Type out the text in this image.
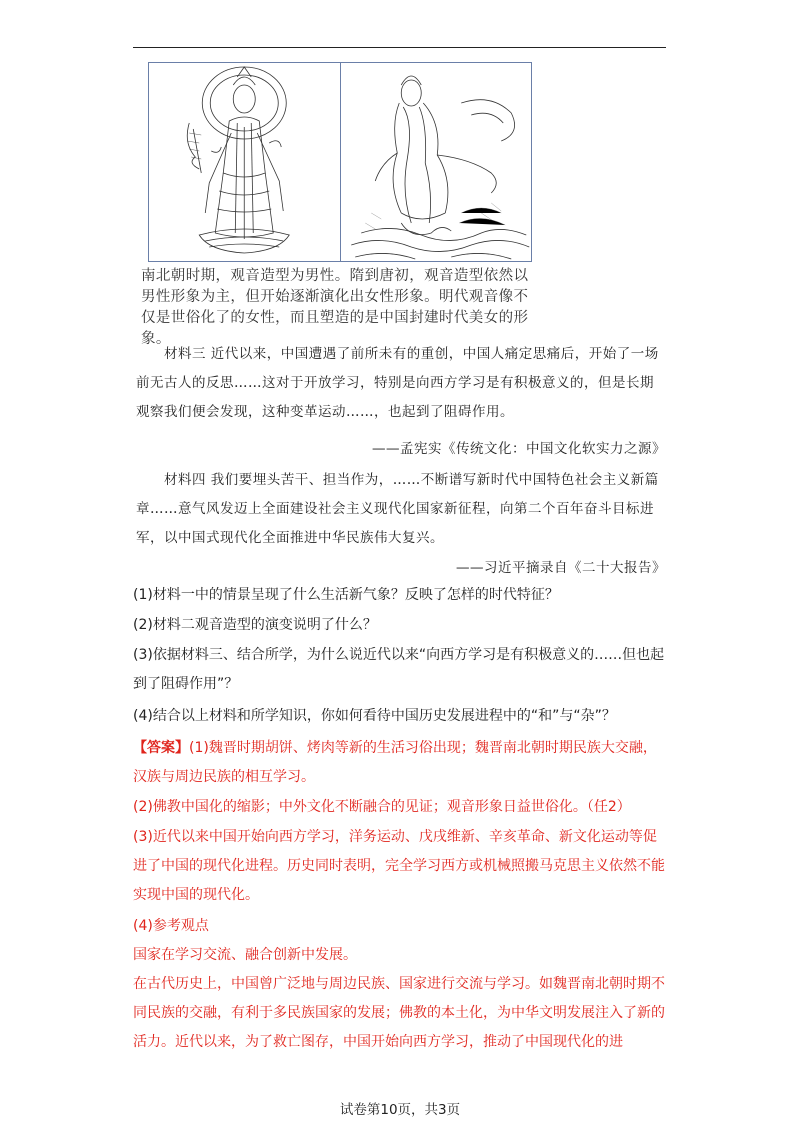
南北朝时期，观音造型为男性。隋到唐初，观音造型依然以男性形象为主，但开始逐渐演化出女性形象。明代观音像不仅是世俗化了的女性，而且塑造的是中国封建时代美女的形象。
材料三 近代以来，中国遭遇了前所未有的重创，中国人痛定思痛后，开始了一场前无古人的反思……这对于开放学习，特别是向西方学习是有积极意义的，但是长期观察我们便会发现，这种变革运动……，也起到了阻碍作用。
——孟宪实《传统文化：中国文化软实力之源》
材料四 我们要埋头苦干、担当作为，……不断谱写新时代中国特色社会主义新篇章……意气风发迈上全面建设社会主义现代化国家新征程，向第二个百年奋斗目标进军，以中国式现代化全面推进中华民族伟大复兴。
——习近平摘录自《二十大报告》
(1)材料一中的情景呈现了什么生活新气象？反映了怎样的时代特征？
(2)材料二观音造型的演变说明了什么？
(3)依据材料三、结合所学，为什么说近代以来“向西方学习是有积极意义的……但也起到了阻碍作用”？
(4)结合以上材料和所学知识，你如何看待中国历史发展进程中的“和”与“杂”？
【答案】(1)魏晋时期胡饼、烤肉等新的生活习俗出现；魏晋南北朝时期民族大交融，汉族与周边民族的相互学习。
(2)佛教中国化的缩影；中外文化不断融合的见证；观音形象日益世俗化。（任2）
(3)近代以来中国开始向西方学习，洋务运动、戊戌维新、辛亥革命、新文化运动等促进了中国的现代化进程。历史同时表明，完全学习西方或机械照搬马克思主义依然不能实现中国的现代化。
(4)参考观点
国家在学习交流、融合创新中发展。
在古代历史上，中国曾广泛地与周边民族、国家进行交流与学习。如魏晋南北朝时期不同民族的交融，有利于多民族国家的发展；佛教的本土化，为中华文明发展注入了新的活力。近代以来，为了救亡图存，中国开始向西方学习，推动了中国现代化的进
试卷第10页，共3页
